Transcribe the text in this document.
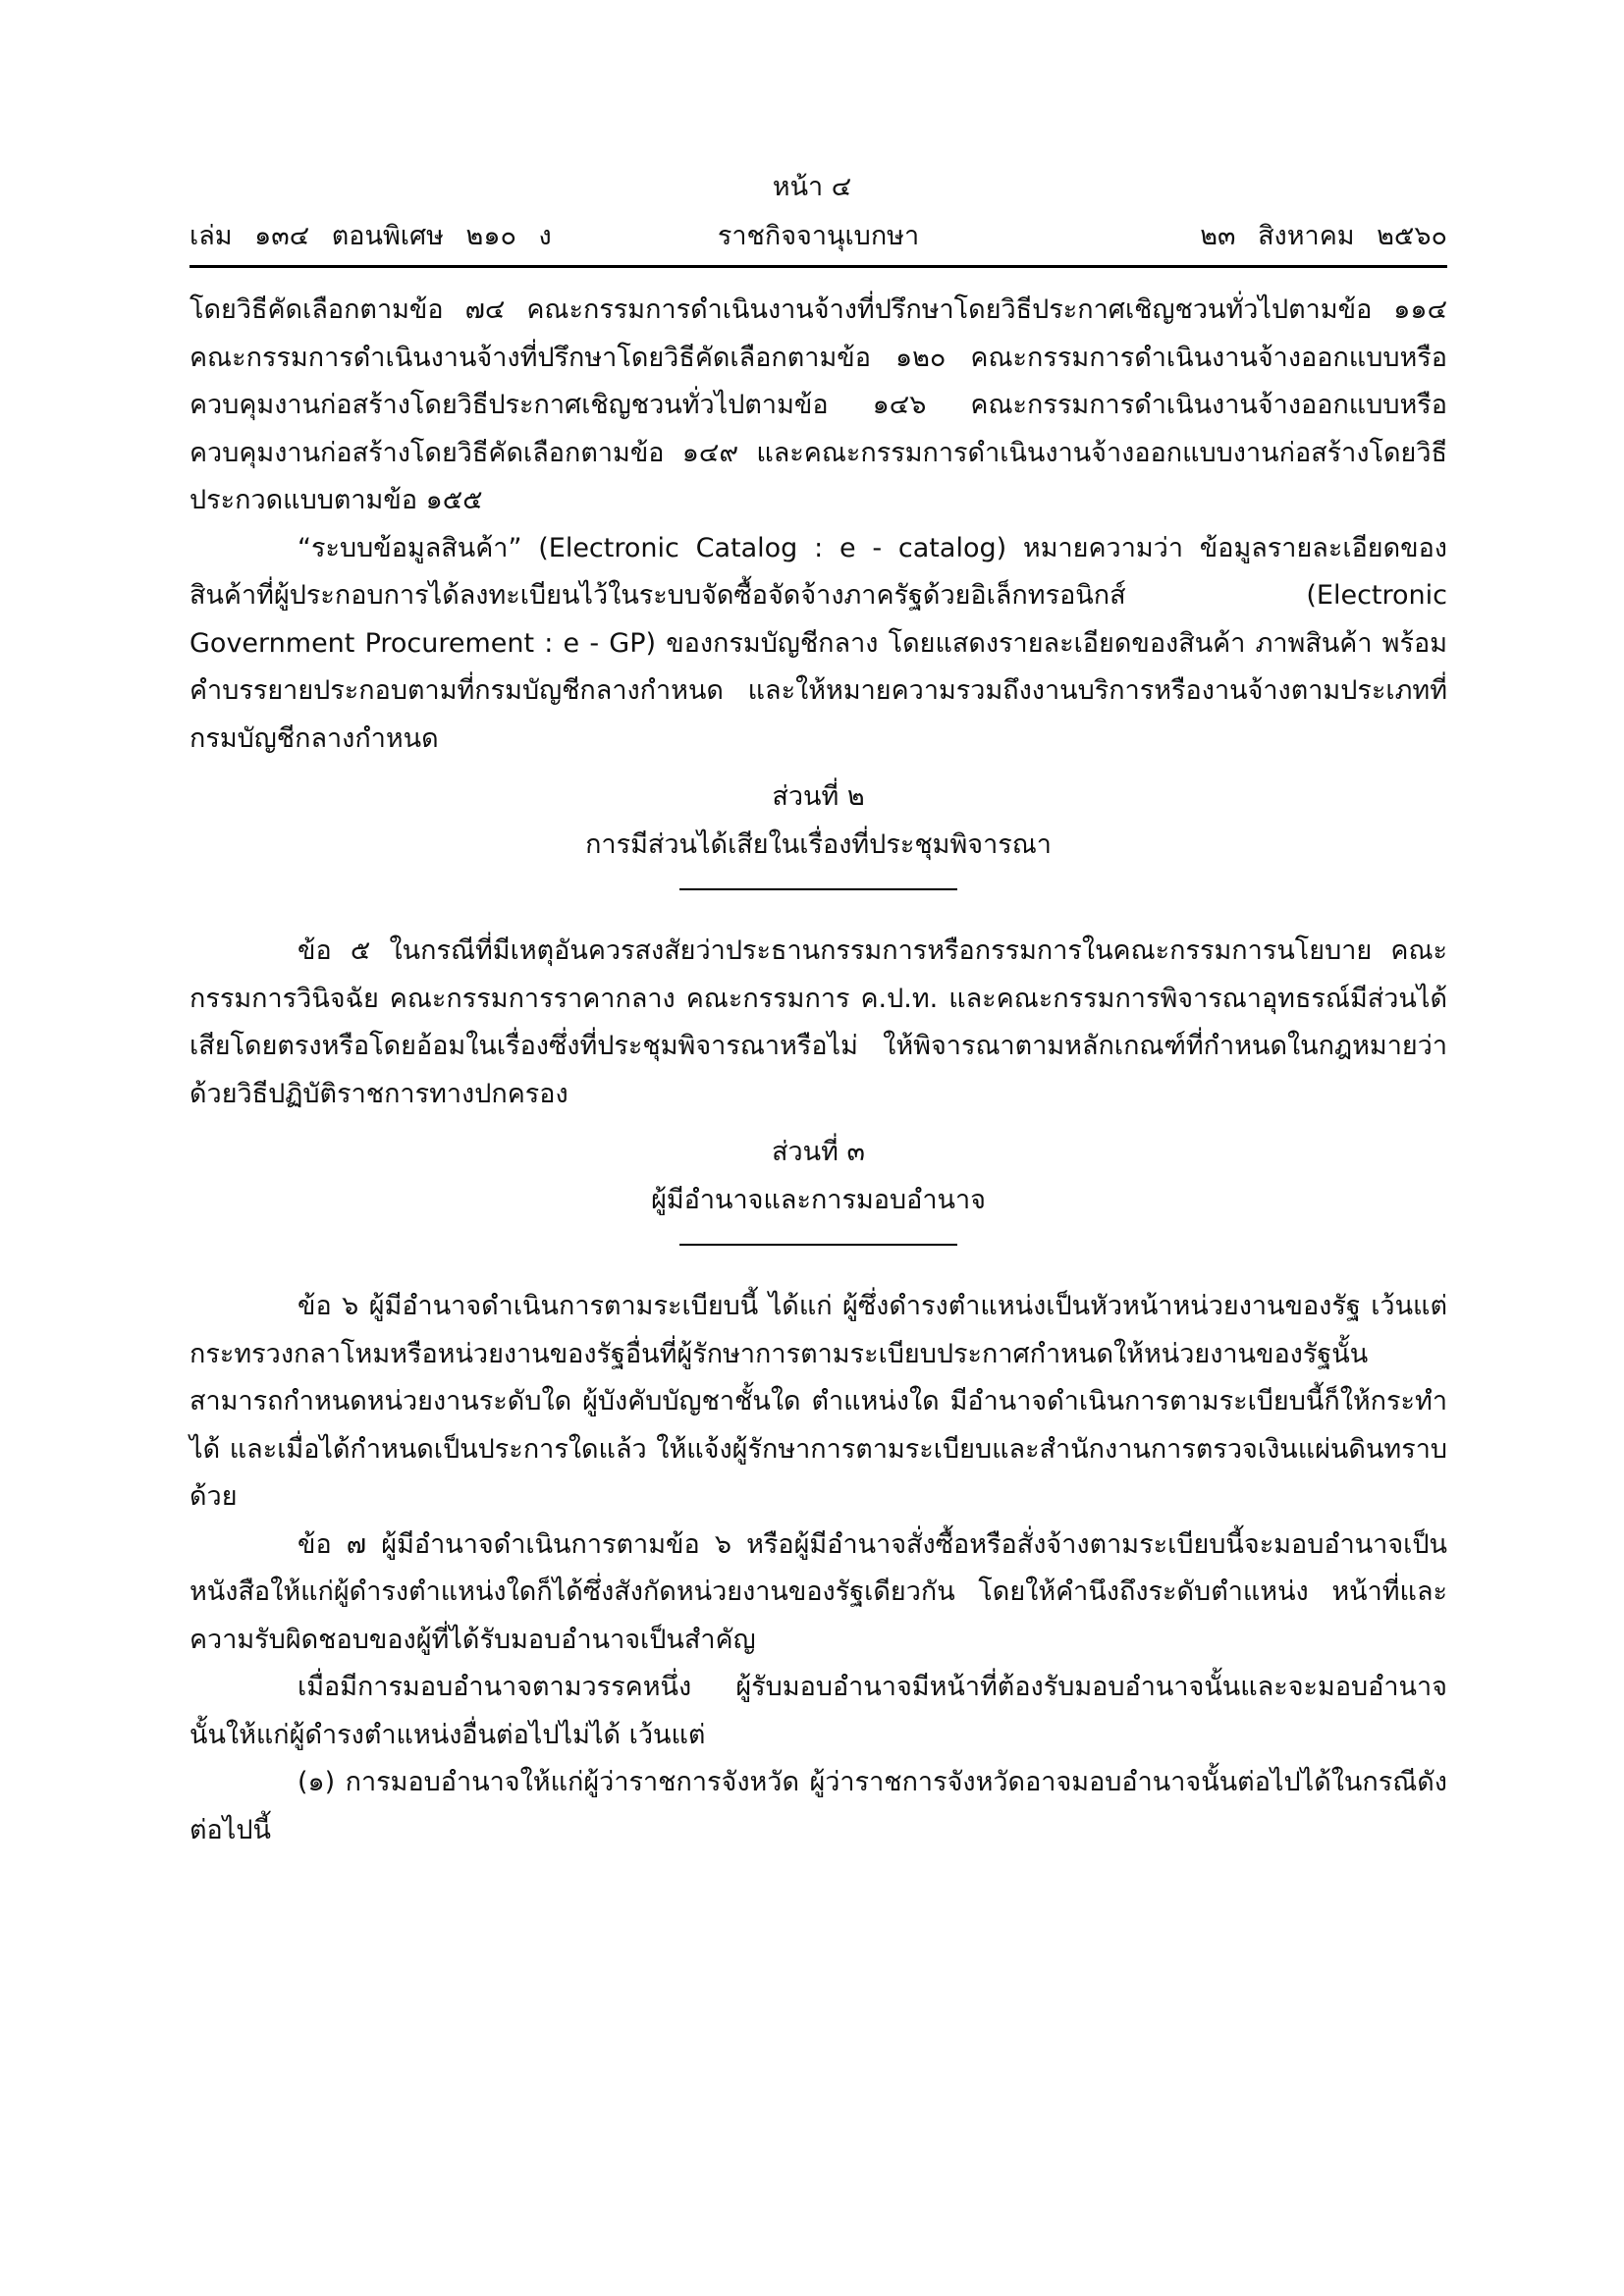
หน้า ๔
เล่ม ๑๓๔ ตอนพิเศษ ๒๑๐ ง	ราชกิจจานุเบกษา	๒๓ สิงหาคม ๒๕๖๐

โดยวิธีคัดเลือกตามข้อ ๗๔ คณะกรรมการดำเนินงานจ้างที่ปรึกษาโดยวิธีประกาศเชิญชวนทั่วไปตามข้อ ๑๑๔ คณะกรรมการดำเนินงานจ้างที่ปรึกษาโดยวิธีคัดเลือกตามข้อ ๑๒๐ คณะกรรมการดำเนินงานจ้างออกแบบหรือควบคุมงานก่อสร้างโดยวิธีประกาศเชิญชวนทั่วไปตามข้อ ๑๔๖ คณะกรรมการดำเนินงานจ้างออกแบบหรือควบคุมงานก่อสร้างโดยวิธีคัดเลือกตามข้อ ๑๔๙ และคณะกรรมการดำเนินงานจ้างออกแบบงานก่อสร้างโดยวิธีประกวดแบบตามข้อ ๑๕๕

“ระบบข้อมูลสินค้า” (Electronic Catalog : e - catalog) หมายความว่า ข้อมูลรายละเอียดของสินค้าที่ผู้ประกอบการได้ลงทะเบียนไว้ในระบบจัดซื้อจัดจ้างภาครัฐด้วยอิเล็กทรอนิกส์ (Electronic Government Procurement : e - GP) ของกรมบัญชีกลาง โดยแสดงรายละเอียดของสินค้า ภาพสินค้า พร้อมคำบรรยายประกอบตามที่กรมบัญชีกลางกำหนด และให้หมายความรวมถึงงานบริการหรืองานจ้างตามประเภทที่กรมบัญชีกลางกำหนด

ส่วนที่ ๒

การมีส่วนได้เสียในเรื่องที่ประชุมพิจารณา

ข้อ ๕ ในกรณีที่มีเหตุอันควรสงสัยว่าประธานกรรมการหรือกรรมการในคณะกรรมการนโยบาย คณะกรรมการวินิจฉัย คณะกรรมการราคากลาง คณะกรรมการ ค.ป.ท. และคณะกรรมการพิจารณาอุทธรณ์มีส่วนได้เสียโดยตรงหรือโดยอ้อมในเรื่องซึ่งที่ประชุมพิจารณาหรือไม่ ให้พิจารณาตามหลักเกณฑ์ที่กำหนดในกฎหมายว่าด้วยวิธีปฏิบัติราชการทางปกครอง

ส่วนที่ ๓

ผู้มีอำนาจและการมอบอำนาจ

ข้อ ๖ ผู้มีอำนาจดำเนินการตามระเบียบนี้ ได้แก่ ผู้ซึ่งดำรงตำแหน่งเป็นหัวหน้าหน่วยงานของรัฐ เว้นแต่กระทรวงกลาโหมหรือหน่วยงานของรัฐอื่นที่ผู้รักษาการตามระเบียบประกาศกำหนดให้หน่วยงานของรัฐนั้นสามารถกำหนดหน่วยงานระดับใด ผู้บังคับบัญชาชั้นใด ตำแหน่งใด มีอำนาจดำเนินการตามระเบียบนี้ก็ให้กระทำได้ และเมื่อได้กำหนดเป็นประการใดแล้ว ให้แจ้งผู้รักษาการตามระเบียบและสำนักงานการตรวจเงินแผ่นดินทราบด้วย

ข้อ ๗ ผู้มีอำนาจดำเนินการตามข้อ ๖ หรือผู้มีอำนาจสั่งซื้อหรือสั่งจ้างตามระเบียบนี้จะมอบอำนาจเป็นหนังสือให้แก่ผู้ดำรงตำแหน่งใดก็ได้ซึ่งสังกัดหน่วยงานของรัฐเดียวกัน โดยให้คำนึงถึงระดับตำแหน่ง หน้าที่และความรับผิดชอบของผู้ที่ได้รับมอบอำนาจเป็นสำคัญ

เมื่อมีการมอบอำนาจตามวรรคหนึ่ง ผู้รับมอบอำนาจมีหน้าที่ต้องรับมอบอำนาจนั้นและจะมอบอำนาจนั้นให้แก่ผู้ดำรงตำแหน่งอื่นต่อไปไม่ได้ เว้นแต่

(๑) การมอบอำนาจให้แก่ผู้ว่าราชการจังหวัด ผู้ว่าราชการจังหวัดอาจมอบอำนาจนั้นต่อไปได้ในกรณีดังต่อไปนี้
